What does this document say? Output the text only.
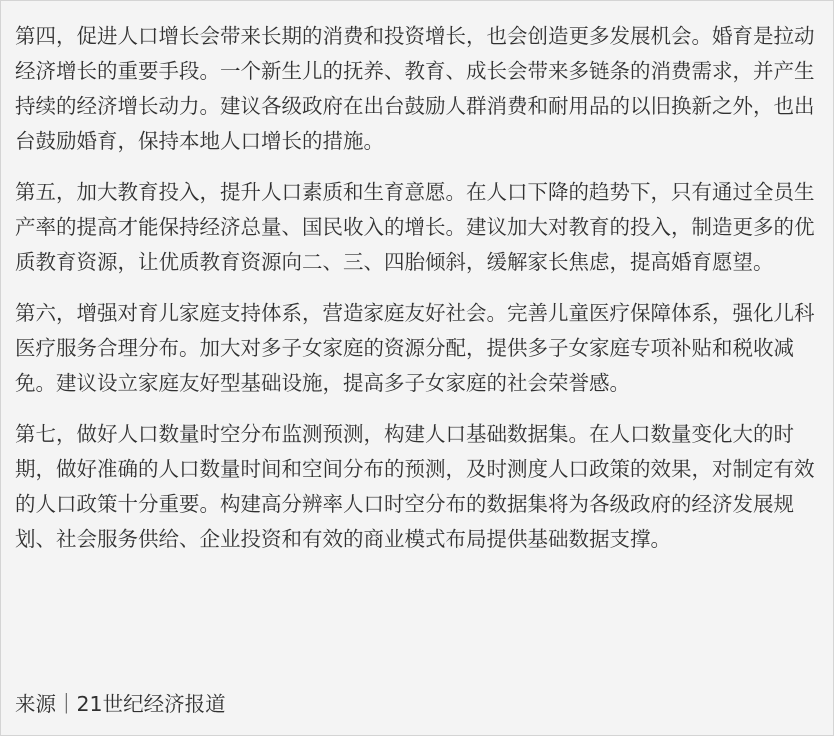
第四，促进人口增长会带来长期的消费和投资增长，也会创造更多发展机会。婚育是拉动经济增长的重要手段。一个新生儿的抚养、教育、成长会带来多链条的消费需求，并产生持续的经济增长动力。建议各级政府在出台鼓励人群消费和耐用品的以旧换新之外，也出台鼓励婚育，保持本地人口增长的措施。

第五，加大教育投入，提升人口素质和生育意愿。在人口下降的趋势下，只有通过全员生产率的提高才能保持经济总量、国民收入的增长。建议加大对教育的投入，制造更多的优质教育资源，让优质教育资源向二、三、四胎倾斜，缓解家长焦虑，提高婚育愿望。

第六，增强对育儿家庭支持体系，营造家庭友好社会。完善儿童医疗保障体系，强化儿科医疗服务合理分布。加大对多子女家庭的资源分配，提供多子女家庭专项补贴和税收减免。建议设立家庭友好型基础设施，提高多子女家庭的社会荣誉感。

第七，做好人口数量时空分布监测预测，构建人口基础数据集。在人口数量变化大的时期，做好准确的人口数量时间和空间分布的预测，及时测度人口政策的效果，对制定有效的人口政策十分重要。构建高分辨率人口时空分布的数据集将为各级政府的经济发展规划、社会服务供给、企业投资和有效的商业模式布局提供基础数据支撑。

来源｜21世纪经济报道
